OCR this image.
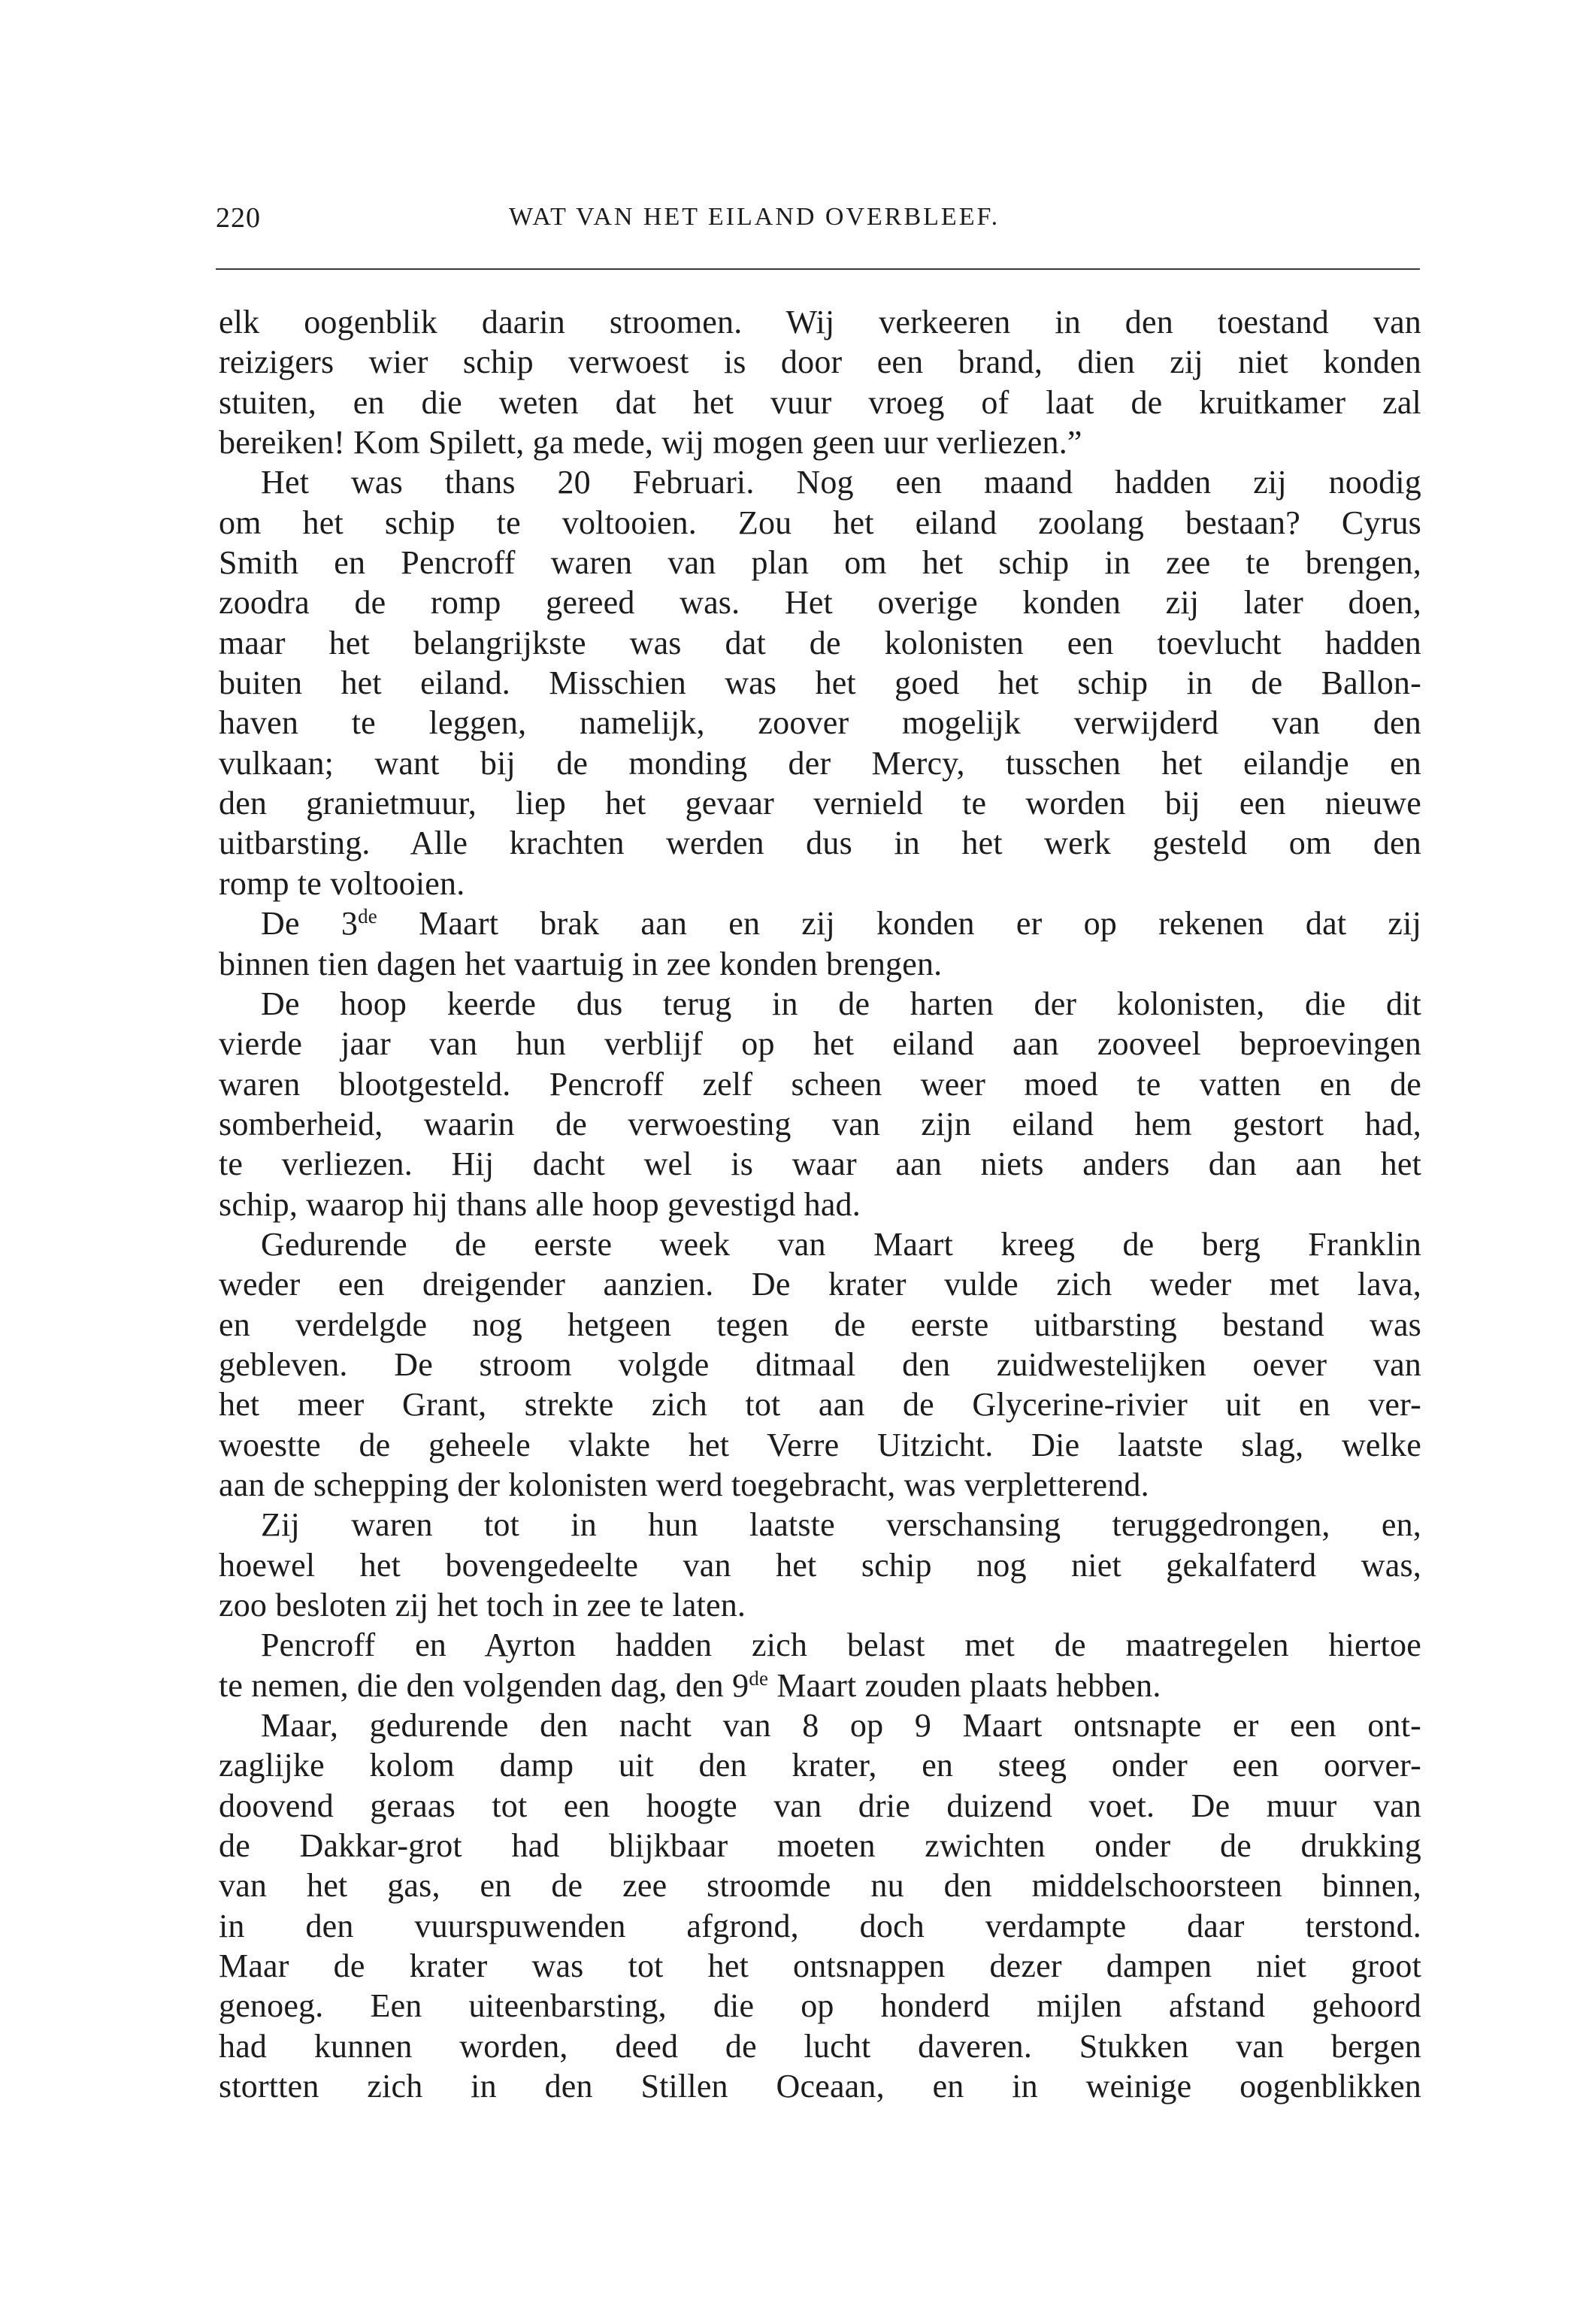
220	WAT VAN HET EILAND OVERBLEEF.
elk oogenblik daarin stroomen. Wij verkeeren in den toestand van
reizigers wier schip verwoest is door een brand, dien zij niet konden
stuiten, en die weten dat het vuur vroeg of laat de kruitkamer zal
bereiken! Kom Spilett, ga mede, wij mogen geen uur verliezen.”
Het was thans 20 Februari. Nog een maand hadden zij noodig
om het schip te voltooien. Zou het eiland zoolang bestaan? Cyrus
Smith en Pencroff waren van plan om het schip in zee te brengen,
zoodra de romp gereed was. Het overige konden zij later doen,
maar het belangrijkste was dat de kolonisten een toevlucht hadden
buiten het eiland. Misschien was het goed het schip in de Ballon-
haven te leggen, namelijk, zoover mogelijk verwijderd van den
vulkaan; want bij de monding der Mercy, tusschen het eilandje en
den granietmuur, liep het gevaar vernield te worden bij een nieuwe
uitbarsting. Alle krachten werden dus in het werk gesteld om den
romp te voltooien.
De 3de Maart brak aan en zij konden er op rekenen dat zij
binnen tien dagen het vaartuig in zee konden brengen.
De hoop keerde dus terug in de harten der kolonisten, die dit
vierde jaar van hun verblijf op het eiland aan zooveel beproevingen
waren blootgesteld. Pencroff zelf scheen weer moed te vatten en de
somberheid, waarin de verwoesting van zijn eiland hem gestort had,
te verliezen. Hij dacht wel is waar aan niets anders dan aan het
schip, waarop hij thans alle hoop gevestigd had.
Gedurende de eerste week van Maart kreeg de berg Franklin
weder een dreigender aanzien. De krater vulde zich weder met lava,
en verdelgde nog hetgeen tegen de eerste uitbarsting bestand was
gebleven. De stroom volgde ditmaal den zuidwestelijken oever van
het meer Grant, strekte zich tot aan de Glycerine-rivier uit en ver-
woestte de geheele vlakte het Verre Uitzicht. Die laatste slag, welke
aan de schepping der kolonisten werd toegebracht, was verpletterend.
Zij waren tot in hun laatste verschansing teruggedrongen, en,
hoewel het bovengedeelte van het schip nog niet gekalfaterd was,
zoo besloten zij het toch in zee te laten.
Pencroff en Ayrton hadden zich belast met de maatregelen hiertoe
te nemen, die den volgenden dag, den 9de Maart zouden plaats hebben.
Maar, gedurende den nacht van 8 op 9 Maart ontsnapte er een ont-
zaglijke kolom damp uit den krater, en steeg onder een oorver-
doovend geraas tot een hoogte van drie duizend voet. De muur van
de Dakkar-grot had blijkbaar moeten zwichten onder de drukking
van het gas, en de zee stroomde nu den middelschoorsteen binnen,
in den vuurspuwenden afgrond, doch verdampte daar terstond.
Maar de krater was tot het ontsnappen dezer dampen niet groot
genoeg. Een uiteenbarsting, die op honderd mijlen afstand gehoord
had kunnen worden, deed de lucht daveren. Stukken van bergen
stortten zich in den Stillen Oceaan, en in weinige oogenblikken
